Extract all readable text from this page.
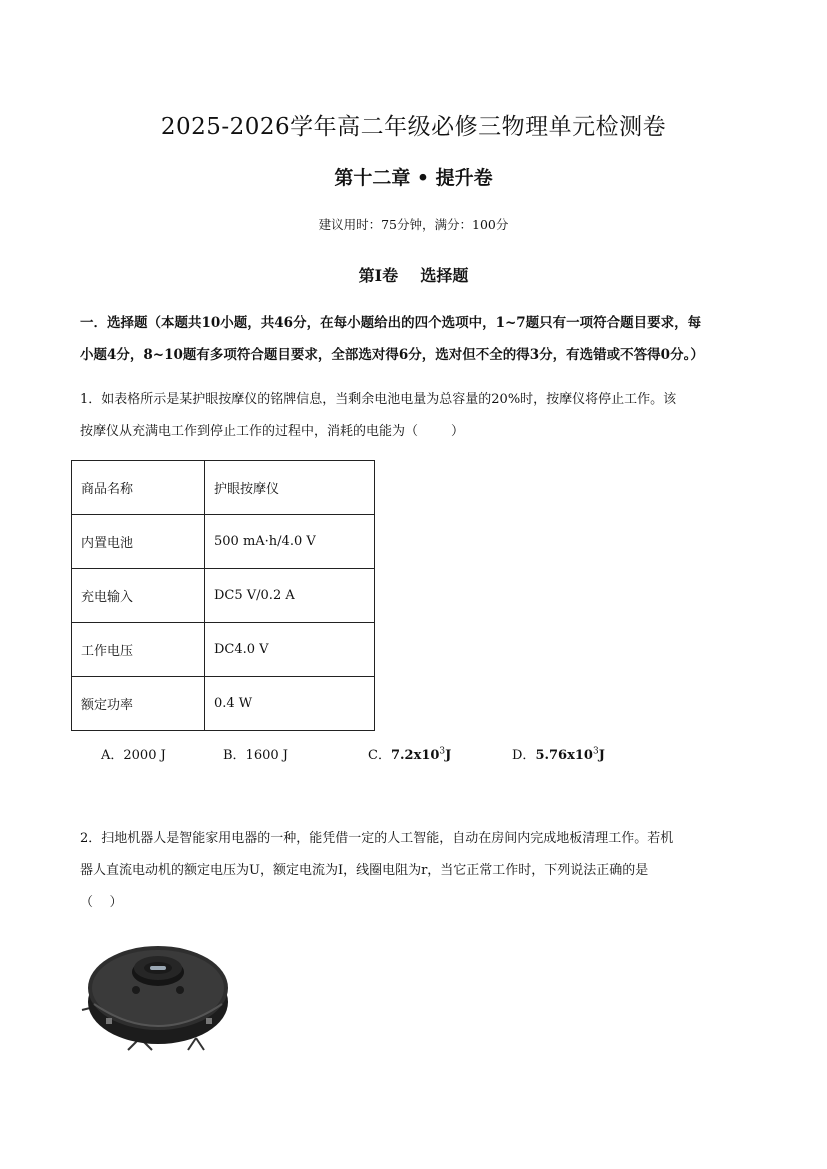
2025-2026学年高二年级必修三物理单元检测卷
第十二章 • 提升卷
建议用时：75分钟，满分：100分
第I卷    选择题
一．选择题（本题共10小题，共46分，在每小题给出的四个选项中，1~7题只有一项符合题目要求，每
小题4分，8~10题有多项符合题目要求，全部选对得6分，选对但不全的得3分，有选错或不答得0分。）
1．如表格所示是某护眼按摩仪的铭牌信息，当剩余电池电量为总容量的20%时，按摩仪将停止工作。该
按摩仪从充满电工作到停止工作的过程中，消耗的电能为（        ）
商品名称	护眼按摩仪
内置电池	500 mA·h/4.0 V
充电输入	DC5 V/0.2 A
工作电压	DC4.0 V
额定功率	0.4 W
A．2000 J	B．1600 J	C．$7.2x10^3J$	D．$5.76x10^3J$
2．扫地机器人是智能家用电器的一种，能凭借一定的人工智能，自动在房间内完成地板清理工作。若机
器人直流电动机的额定电压为U，额定电流为I，线圈电阻为r，当它正常工作时，下列说法正确的是
（    ）
